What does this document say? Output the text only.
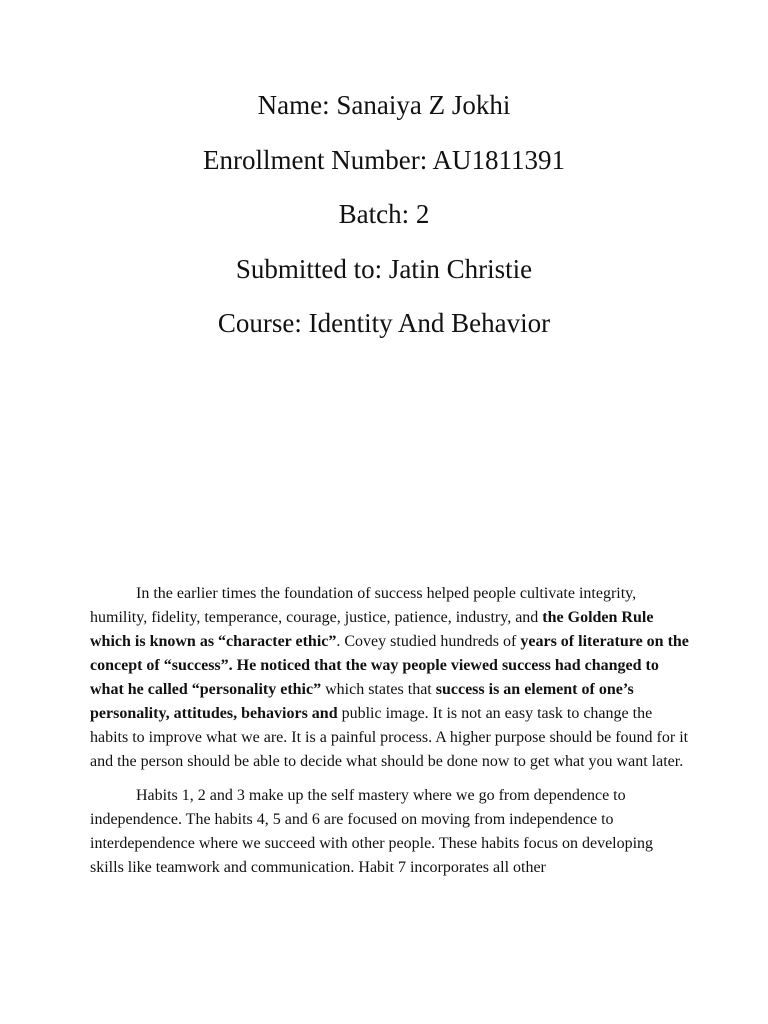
Name: Sanaiya Z Jokhi
Enrollment Number: AU1811391
Batch: 2
Submitted to: Jatin Christie
Course: Identity And Behavior

In the earlier times the foundation of success helped people cultivate integrity, humility, fidelity, temperance, courage, justice, patience, industry, and the Golden Rule which is known as “character ethic”. Covey studied hundreds of years of literature on the concept of “success”. He noticed that the way people viewed success had changed to what he called “personality ethic” which states that success is an element of one’s personality, attitudes, behaviors and public image. It is not an easy task to change the habits to improve what we are. It is a painful process. A higher purpose should be found for it and the person should be able to decide what should be done now to get what you want later.

Habits 1, 2 and 3 make up the self mastery where we go from dependence to independence. The habits 4, 5 and 6 are focused on moving from independence to interdependence where we succeed with other people. These habits focus on developing skills like teamwork and communication. Habit 7 incorporates all other
